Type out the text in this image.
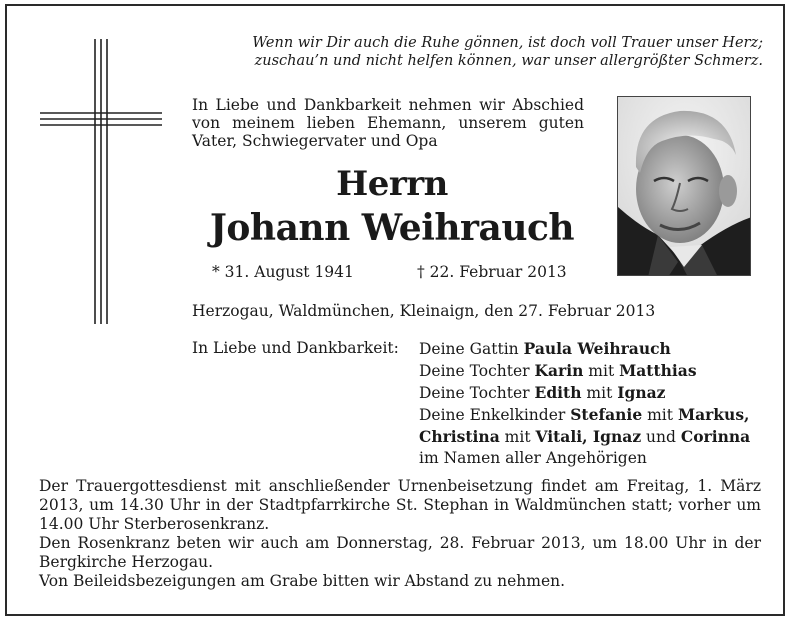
Wenn wir Dir auch die Ruhe gönnen, ist doch voll Trauer unser Herz;
zuschau’n und nicht helfen können, war unser allergrößter Schmerz.
In Liebe und Dankbarkeit nehmen wir Abschied von meinem lieben Ehemann, unserem guten Vater, Schwiegervater und Opa
Herrn
Johann Weihrauch
* 31. August 1941	† 22. Februar 2013
Herzogau, Waldmünchen, Kleinaign, den 27. Februar 2013
In Liebe und Dankbarkeit: Deine Gattin Paula Weihrauch
Deine Tochter Karin mit Matthias
Deine Tochter Edith mit Ignaz
Deine Enkelkinder Stefanie mit Markus,
Christina mit Vitali, Ignaz und Corinna
im Namen aller Angehörigen

Der Trauergottesdienst mit anschließender Urnenbeisetzung findet am Freitag, 1. März 2013, um 14.30 Uhr in der Stadtpfarrkirche St. Stephan in Waldmünchen statt; vorher um 14.00 Uhr Sterberosenkranz.

Den Rosenkranz beten wir auch am Donnerstag, 28. Februar 2013, um 18.00 Uhr in der Bergkirche Herzogau.

Von Beileidsbezeigungen am Grabe bitten wir Abstand zu nehmen.
